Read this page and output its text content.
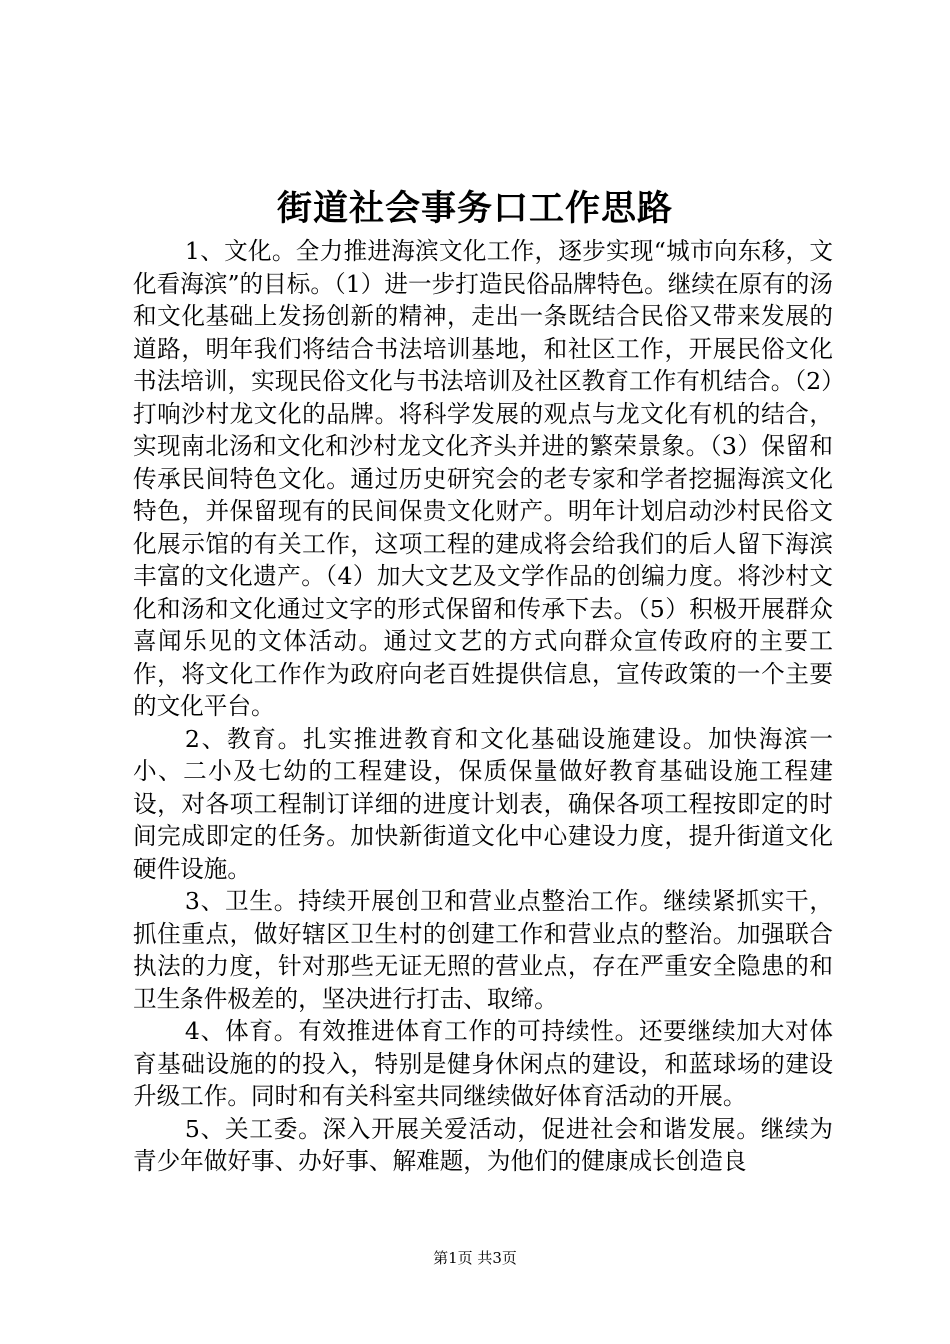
街道社会事务口工作思路

1、文化。全力推进海滨文化工作，逐步实现“城市向东移，文化看海滨”的目标。（1）进一步打造民俗品牌特色。继续在原有的汤和文化基础上发扬创新的精神，走出一条既结合民俗又带来发展的道路，明年我们将结合书法培训基地，和社区工作，开展民俗文化书法培训，实现民俗文化与书法培训及社区教育工作有机结合。（2）打响沙村龙文化的品牌。将科学发展的观点与龙文化有机的结合，实现南北汤和文化和沙村龙文化齐头并进的繁荣景象。（3）保留和传承民间特色文化。通过历史研究会的老专家和学者挖掘海滨文化特色，并保留现有的民间保贵文化财产。明年计划启动沙村民俗文化展示馆的有关工作，这项工程的建成将会给我们的后人留下海滨丰富的文化遗产。（4）加大文艺及文学作品的创编力度。将沙村文化和汤和文化通过文字的形式保留和传承下去。（5）积极开展群众喜闻乐见的文体活动。通过文艺的方式向群众宣传政府的主要工作，将文化工作作为政府向老百姓提供信息，宣传政策的一个主要的文化平台。

2、教育。扎实推进教育和文化基础设施建设。加快海滨一小、二小及七幼的工程建设，保质保量做好教育基础设施工程建设，对各项工程制订详细的进度计划表，确保各项工程按即定的时间完成即定的任务。加快新街道文化中心建设力度，提升街道文化硬件设施。

3、卫生。持续开展创卫和营业点整治工作。继续紧抓实干，抓住重点，做好辖区卫生村的创建工作和营业点的整治。加强联合执法的力度，针对那些无证无照的营业点，存在严重安全隐患的和卫生条件极差的，坚决进行打击、取缔。

4、体育。有效推进体育工作的可持续性。还要继续加大对体育基础设施的的投入，特别是健身休闲点的建设，和蓝球场的建设升级工作。同时和有关科室共同继续做好体育活动的开展。

5、关工委。深入开展关爱活动，促进社会和谐发展。继续为青少年做好事、办好事、解难题，为他们的健康成长创造良

第1页 共3页
